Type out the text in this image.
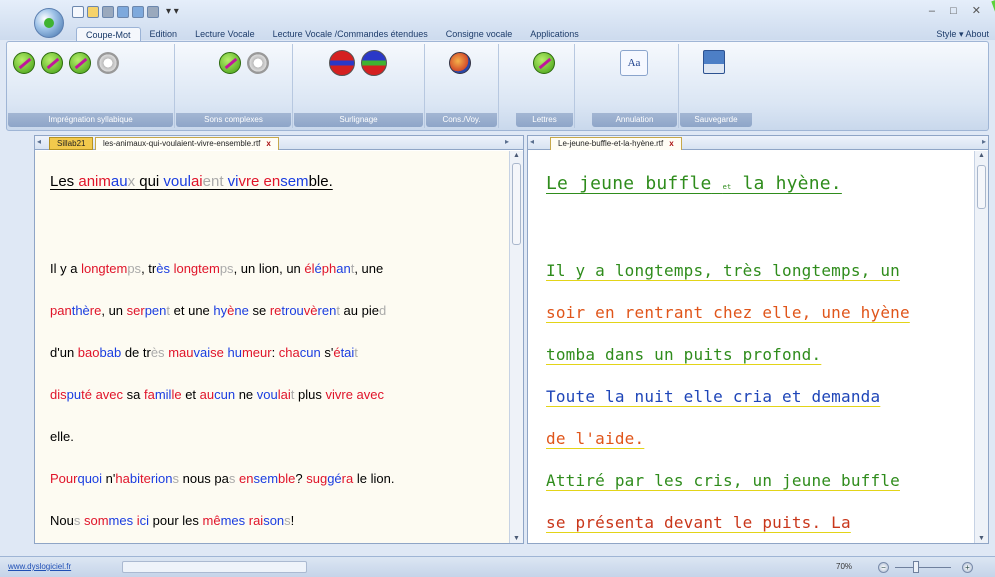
▾ ▾	‒ □ ✕
Coupe-Mot	Edition	Lecture Vocale	Lecture Vocale /Commandes étendues	Consigne vocale	Applications	Style ▾ About
Imprégnation syllabique	Sons complexes	Surlignage	Cons./Voy.	Lettres
Aa
Annulation	Sauvegarde
◂	Sillab21	les-animaux-qui-voulaient-vivre-ensemble.rtf x	▸
Les animaux qui voulaient vivre ensemble.
Il y a longtemps, très longtemps, un lion, un éléphant, une
panthère, un serpent et une hyène se retrouvèrent au pied
d'un baobab de très mauvaise humeur: chacun s'était
disputé avec sa famille et aucun ne voulait plus vivre avec
elle.
Pourquoi n'habiterions nous pas ensemble? suggéra le lion.
Nous sommes ici pour les mêmes raisons!
▲
▼
◂	Le-jeune-buffle-et-la-hyène.rtf x	▸
Le jeune buffle et la hyène.
Il y a longtemps, très longtemps, un
soir en rentrant chez elle, une hyène
tomba dans un puits profond.
Toute la nuit elle cria et demanda
de l'aide.
Attiré par les cris, un jeune buffle
se présenta devant le puits. La
▲
▼
www.dyslogiciel.fr	70%	−	+
